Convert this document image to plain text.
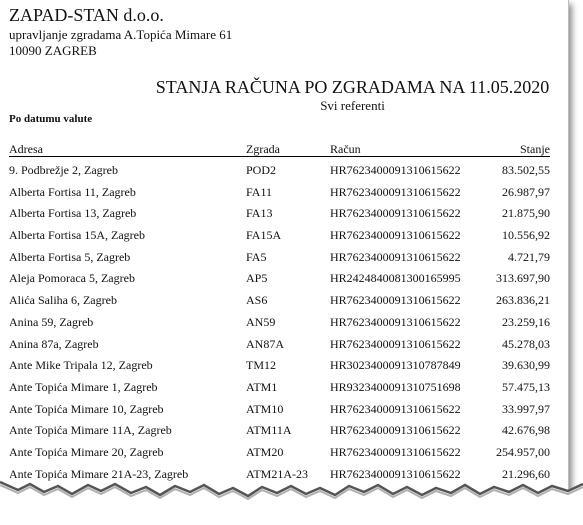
ZAPAD-STAN d.o.o.
upravljanje zgradama A.Topića Mimare 61
10090 ZAGREB
STANJA RAČUNA PO ZGRADAMA NA 11.05.2020
Svi referenti
Po datumu valute
Adresa	Zgrada	Račun	Stanje
9. Podbrežje 2, Zagreb	POD2	HR7623400091310615622	83.502,55
Alberta Fortisa 11, Zagreb	FA11	HR7623400091310615622	26.987,97
Alberta Fortisa 13, Zagreb	FA13	HR7623400091310615622	21.875,90
Alberta Fortisa 15A, Zagreb	FA15A	HR7623400091310615622	10.556,92
Alberta Fortisa 5, Zagreb	FA5	HR7623400091310615622	4.721,79
Aleja Pomoraca 5, Zagreb	AP5	HR2424840081300165995	313.697,90
Alića Saliha 6, Zagreb	AS6	HR7623400091310615622	263.836,21
Anina 59, Zagreb	AN59	HR7623400091310615622	23.259,16
Anina 87a, Zagreb	AN87A	HR7623400091310615622	45.278,03
Ante Mike Tripala 12, Zagreb	TM12	HR3023400091310787849	39.630,99
Ante Topića Mimare 1, Zagreb	ATM1	HR9323400091310751698	57.475,13
Ante Topića Mimare 10, Zagreb	ATM10	HR7623400091310615622	33.997,97
Ante Topića Mimare 11A, Zagreb	ATM11A	HR7623400091310615622	42.676,98
Ante Topića Mimare 20, Zagreb	ATM20	HR7623400091310615622	254.957,00
Ante Topića Mimare 21A-23, Zagreb	ATM21A-23 HR7623400091310615622	21.296,60
